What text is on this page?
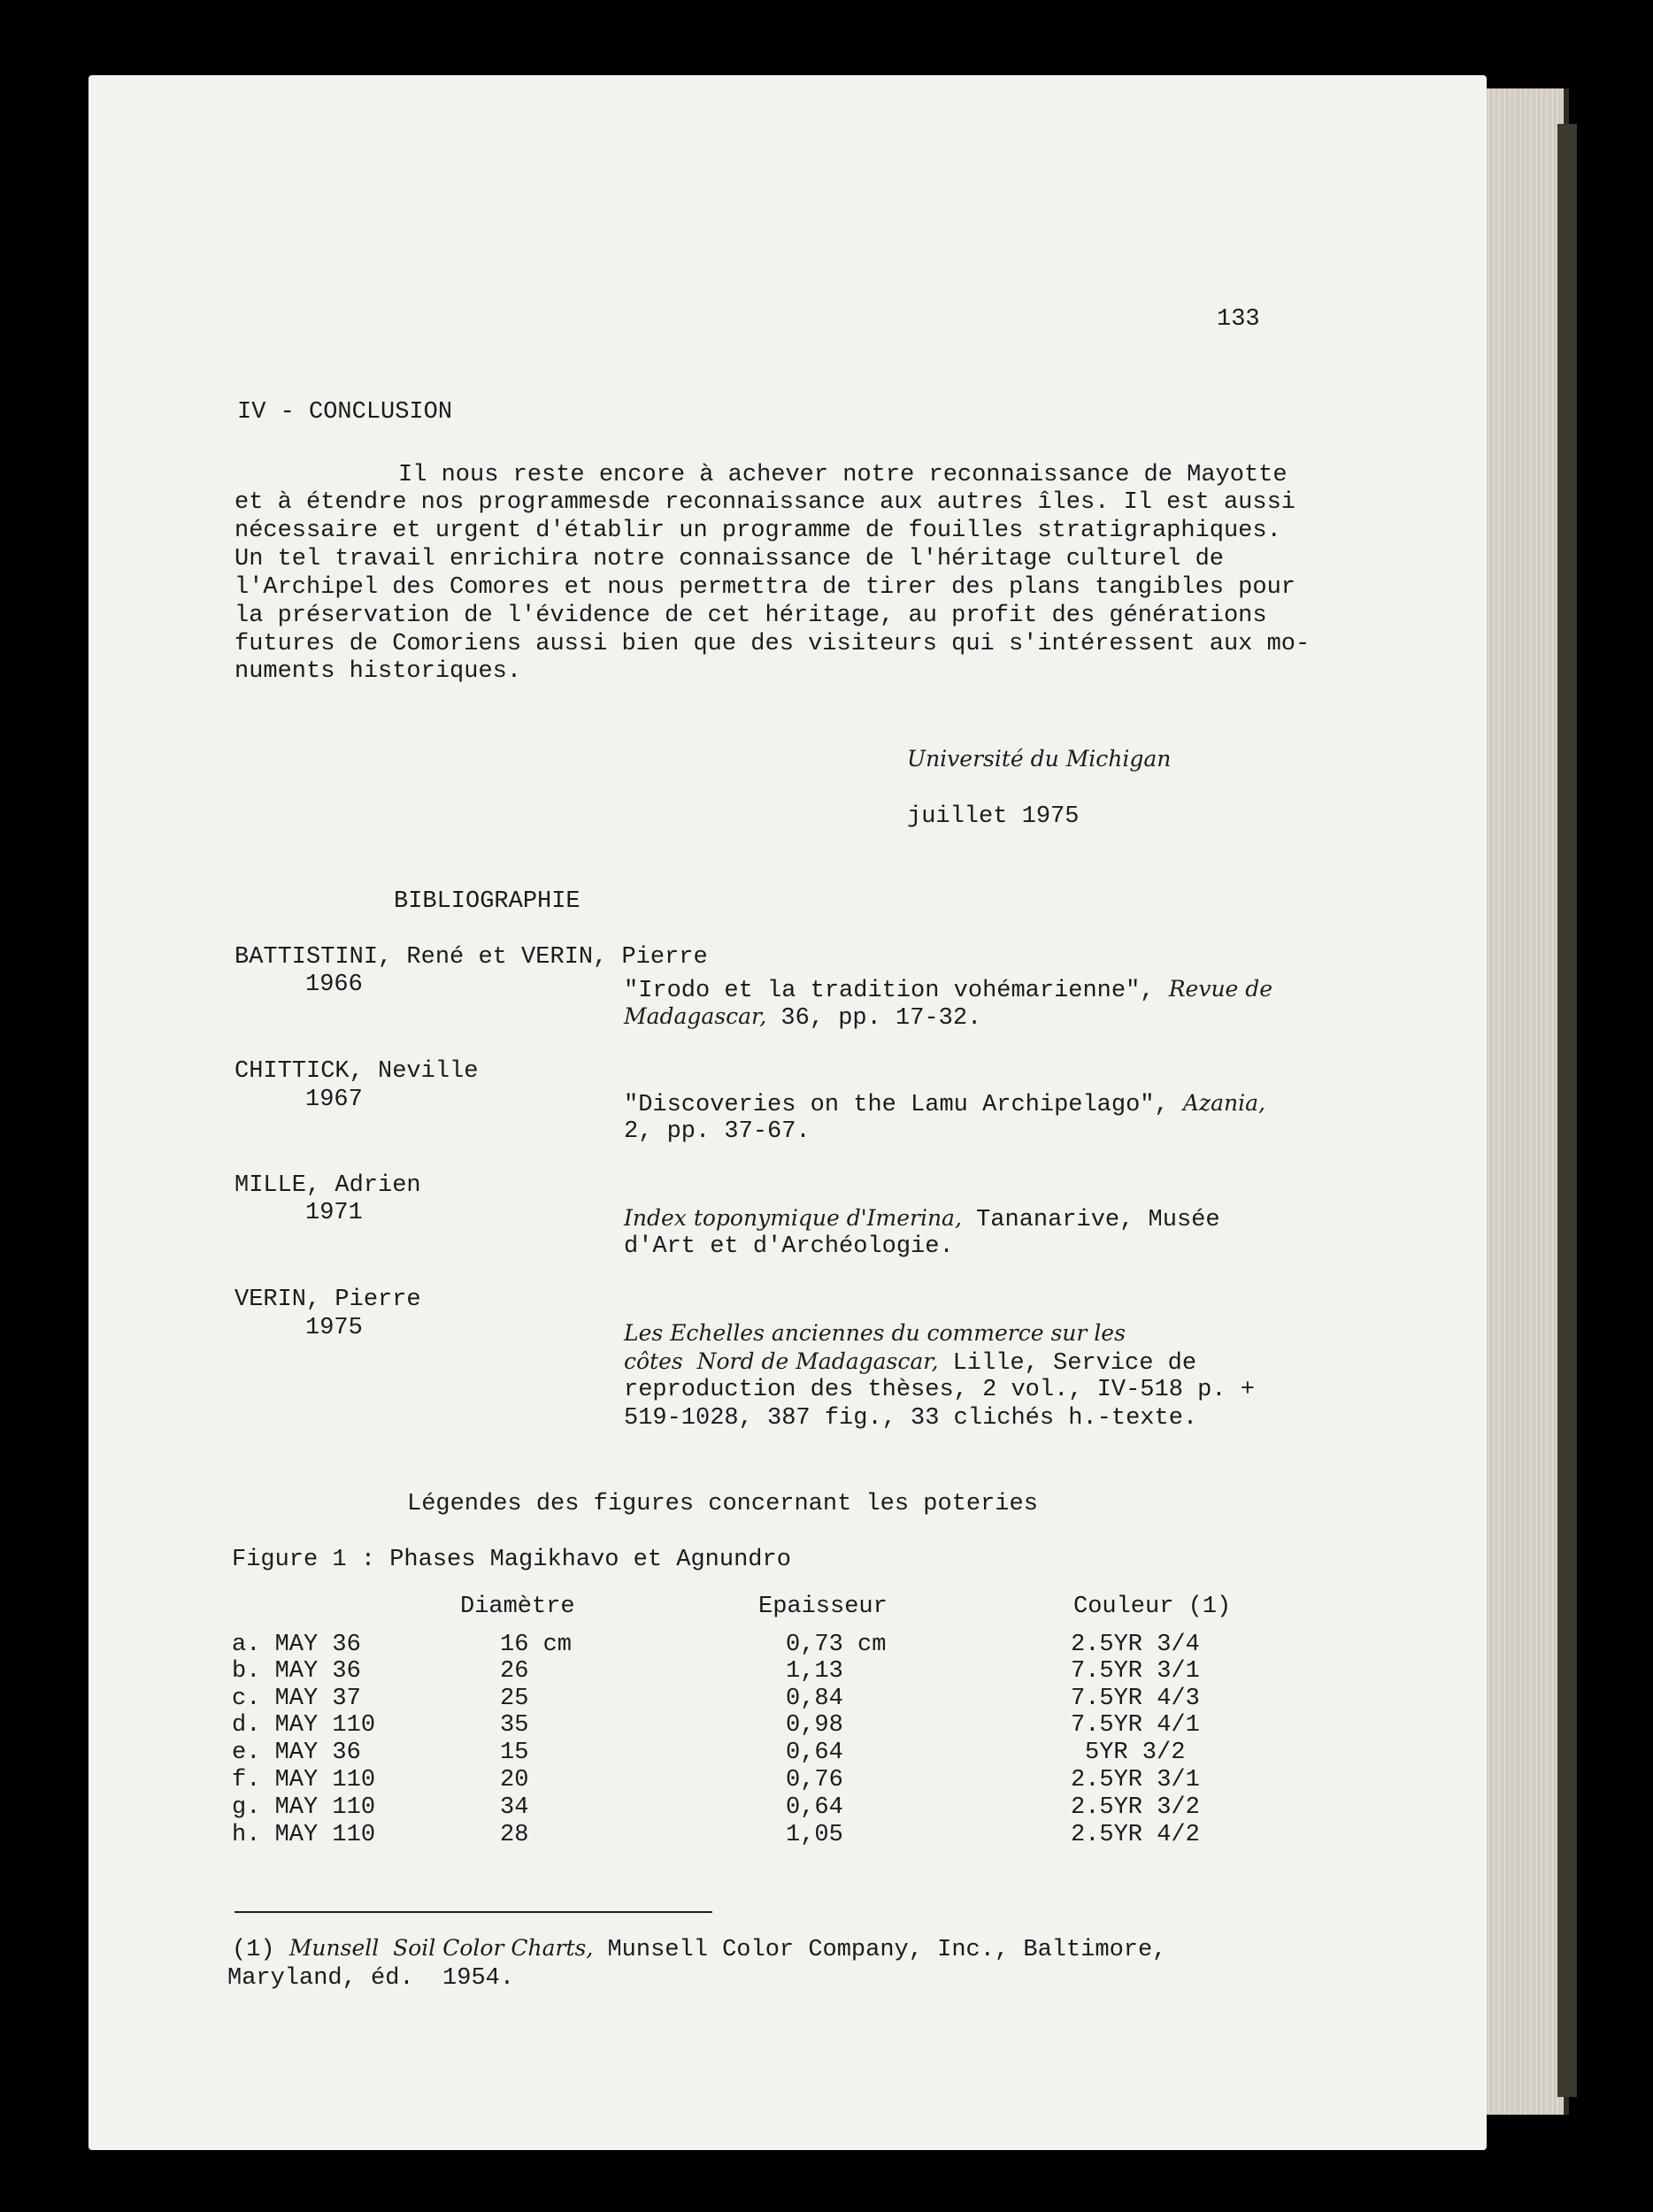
133
IV - CONCLUSION
Il nous reste encore à achever notre reconnaissance de Mayotte
et à étendre nos programmesde reconnaissance aux autres îles. Il est aussi
nécessaire et urgent d'établir un programme de fouilles stratigraphiques.
Un tel travail enrichira notre connaissance de l'héritage culturel de
l'Archipel des Comores et nous permettra de tirer des plans tangibles pour
la préservation de l'évidence de cet héritage, au profit des générations
futures de Comoriens aussi bien que des visiteurs qui s'intéressent aux mo-
numents historiques.
Université du Michigan
juillet 1975
BIBLIOGRAPHIE
BATTISTINI, René et VERIN, Pierre
1966	"Irodo et la tradition vohémarienne", Revue de
Madagascar, 36, pp. 17-32.
CHITTICK, Neville
1967	"Discoveries on the Lamu Archipelago", Azania,
2, pp. 37-67.
MILLE, Adrien
1971	Index toponymique d'Imerina, Tananarive, Musée
d'Art et d'Archéologie.
VERIN, Pierre
1975	Les Echelles anciennes du commerce sur les
côtes  Nord de Madagascar, Lille, Service de
reproduction des thèses, 2 vol., IV-518 p. +
519-1028, 387 fig., 33 clichés h.-texte.
Légendes des figures concernant les poteries
Figure 1 : Phases Magikhavo et Agnundro
Diamètre	Epaisseur	Couleur (1)
a. MAY 36	16 cm	0,73 cm	2.5YR 3/4
b. MAY 36	26	1,13	7.5YR 3/1
c. MAY 37	25	0,84	7.5YR 4/3
d. MAY 110	35	0,98	7.5YR 4/1
e. MAY 36	15	0,64	5YR 3/2
f. MAY 110	20	0,76	2.5YR 3/1
g. MAY 110	34	0,64	2.5YR 3/2
h. MAY 110	28	1,05	2.5YR 4/2
(1) Munsell  Soil Color Charts, Munsell Color Company, Inc., Baltimore,
Maryland, éd.  1954.
